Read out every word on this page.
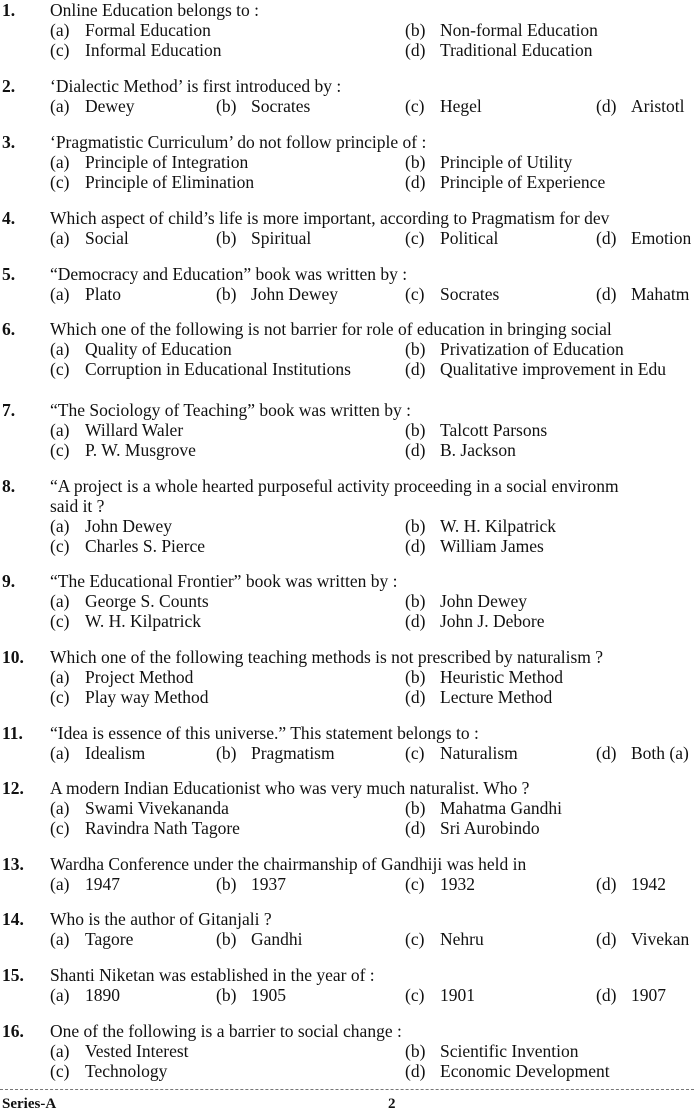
1. Online Education belongs to :
(a) Formal Education	(b) Non-formal Education
(c) Informal Education	(d) Traditional Education
2. ‘Dialectic Method’ is first introduced by :
(a) Dewey	(b) Socrates	(c) Hegel	(d) Aristotl
3. ‘Pragmatistic Curriculum’ do not follow principle of :
(a) Principle of Integration	(b) Principle of Utility
(c) Principle of Elimination	(d) Principle of Experience
4. Which aspect of child’s life is more important, according to Pragmatism for dev
(a) Social	(b) Spiritual	(c) Political	(d) Emotion
5. “Democracy and Education” book was written by :
(a) Plato	(b) John Dewey	(c) Socrates	(d) Mahatm
6. Which one of the following is not barrier for role of education in bringing social
(a) Quality of Education	(b) Privatization of Education
(c) Corruption in Educational Institutions	(d) Qualitative improvement in Edu
7. “The Sociology of Teaching” book was written by :
(a) Willard Waler	(b) Talcott Parsons
(c) P. W. Musgrove	(d) B. Jackson
8. “A project is a whole hearted purposeful activity proceeding in a social environm
said it ?
(a) John Dewey	(b) W. H. Kilpatrick
(c) Charles S. Pierce	(d) William James
9. “The Educational Frontier” book was written by :
(a) George S. Counts	(b) John Dewey
(c) W. H. Kilpatrick	(d) John J. Debore
10. Which one of the following teaching methods is not prescribed by naturalism ?
(a) Project Method	(b) Heuristic Method
(c) Play way Method	(d) Lecture Method
11. “Idea is essence of this universe.” This statement belongs to :
(a) Idealism	(b) Pragmatism	(c) Naturalism	(d) Both (a)
12. A modern Indian Educationist who was very much naturalist. Who ?
(a) Swami Vivekananda	(b) Mahatma Gandhi
(c) Ravindra Nath Tagore	(d) Sri Aurobindo
13. Wardha Conference under the chairmanship of Gandhiji was held in
(a) 1947	(b) 1937	(c) 1932	(d) 1942
14. Who is the author of Gitanjali ?
(a) Tagore	(b) Gandhi	(c) Nehru	(d) Vivekan
15. Shanti Niketan was established in the year of :
(a) 1890	(b) 1905	(c) 1901	(d) 1907
16. One of the following is a barrier to social change :
(a) Vested Interest	(b) Scientific Invention
(c) Technology	(d) Economic Development
Series-A	2
